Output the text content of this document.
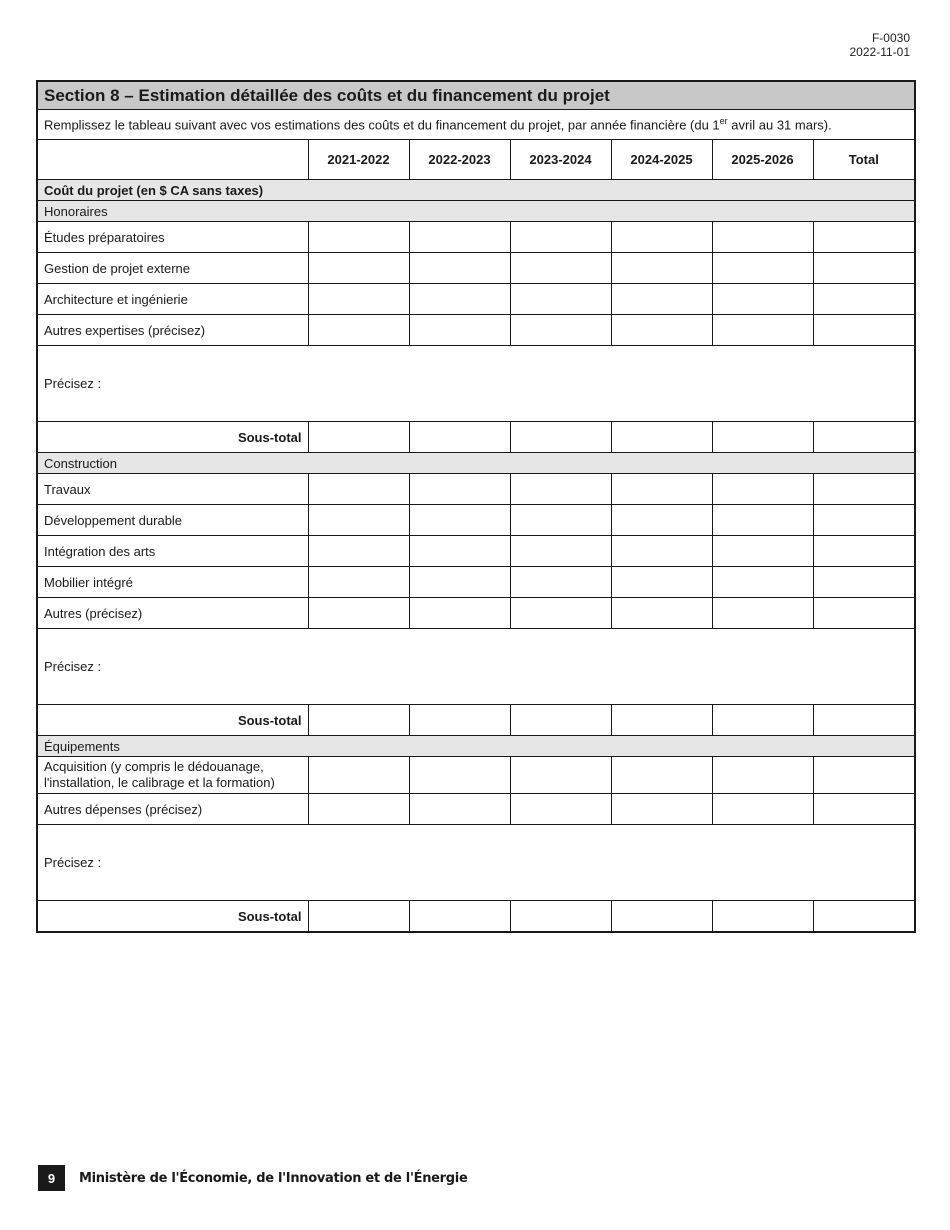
F-0030
2022-11-01
Section 8 – Estimation détaillée des coûts et du financement du projet						
Remplissez le tableau suivant avec vos estimations des coûts et du financement du projet, par année financière (du 1er avril au 31 mars).						
	2021-2022	2022-2023	2023-2024	2024-2025	2025-2026	Total
Coût du projet (en $ CA sans taxes)						
Honoraires						
Études préparatoires						
Gestion de projet externe						
Architecture et ingénierie						
Autres expertises (précisez)						
Précisez :						
Sous-total						
Construction						
Travaux						
Développement durable						
Intégration des arts						
Mobilier intégré						
Autres (précisez)						
Précisez :						
Sous-total						
Équipements						
Acquisition (y compris le dédouanage, l'installation, le calibrage et la formation)						
Autres dépenses (précisez)						
Précisez :						
Sous-total						
9	Ministère de l'Économie, de l'Innovation et de l'Énergie
